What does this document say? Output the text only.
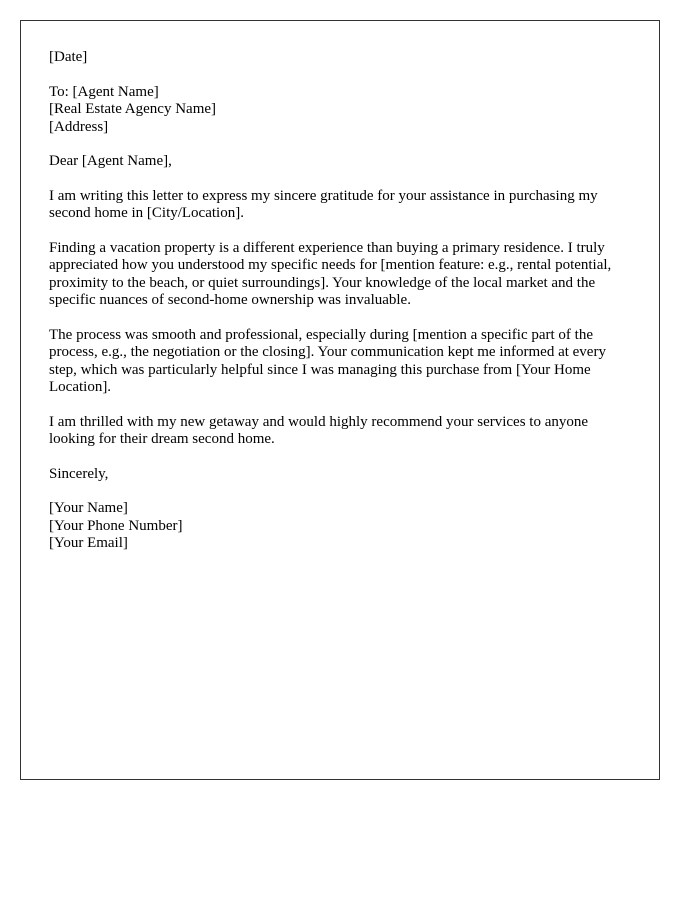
[Date]

To: [Agent Name]
[Real Estate Agency Name]
[Address]

Dear [Agent Name],

I am writing this letter to express my sincere gratitude for your assistance in purchasing my second home in [City/Location].

Finding a vacation property is a different experience than buying a primary residence. I truly appreciated how you understood my specific needs for [mention feature: e.g., rental potential, proximity to the beach, or quiet surroundings]. Your knowledge of the local market and the specific nuances of second-home ownership was invaluable.

The process was smooth and professional, especially during [mention a specific part of the process, e.g., the negotiation or the closing]. Your communication kept me informed at every step, which was particularly helpful since I was managing this purchase from [Your Home Location].

I am thrilled with my new getaway and would highly recommend your services to anyone looking for their dream second home.

Sincerely,

[Your Name]
[Your Phone Number]
[Your Email]
